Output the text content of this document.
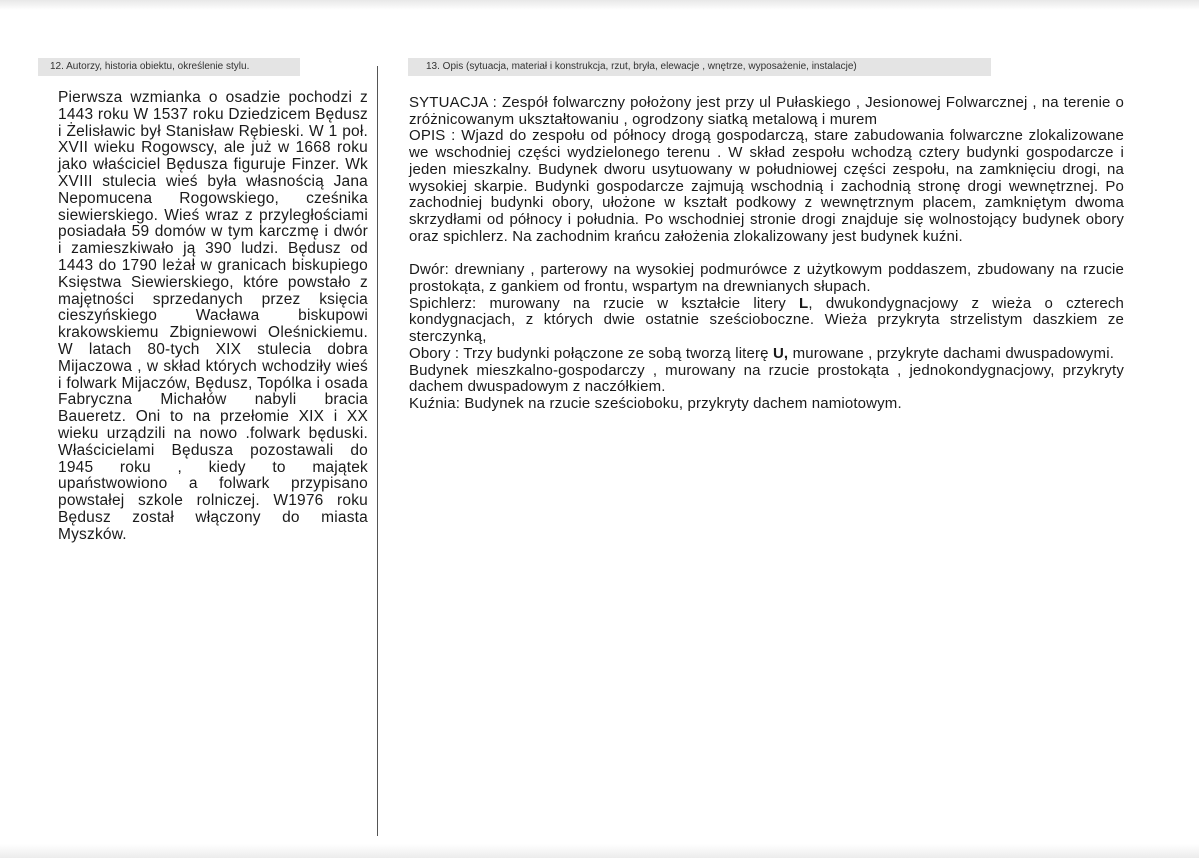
12. Autorzy, historia obiektu, określenie stylu.	13. Opis (sytuacja, materiał i konstrukcja, rzut, bryła, elewacje , wnętrze, wyposażenie, instalacje)

Pierwsza wzmianka o osadzie pochodzi z 1443 roku W 1537 roku Dziedzicem Będusz i Żelisławic był Stanisław Rębieski. W 1 poł. XVII wieku Rogowscy, ale już w 1668 roku jako właściciel Będusza figuruje Finzer. Wk XVIII stulecia wieś była własnością Jana Nepomucena Rogowskiego, cześnika siewierskiego. Wieś wraz z przyległościami posiadała 59 domów w tym karczmę i dwór i zamieszkiwało ją 390 ludzi. Będusz od 1443 do 1790 leżał w granicach biskupiego Księstwa Siewierskiego, które powstało z majętności sprzedanych przez księcia cieszyńskiego Wacława biskupowi krakowskiemu Zbigniewowi Oleśnickiemu. W latach 80-tych XIX stulecia dobra Mijaczowa , w skład których wchodziły wieś i folwark Mijaczów, Będusz, Topólka i osada Fabryczna Michałów nabyli bracia Baueretz. Oni to na przełomie XIX i XX wieku urządzili na nowo .folwark będuski. Właścicielami Będusza pozostawali do 1945 roku , kiedy to majątek upaństwowiono a folwark przypisano powstałej szkole rolniczej. W1976 roku Będusz został włączony do miasta Myszków.

SYTUACJA : Zespół folwarczny położony jest przy ul Pułaskiego , Jesionowej Folwarcznej , na terenie o zróżnicowanym ukształtowaniu , ogrodzony siatką metalową i murem

OPIS : Wjazd do zespołu od północy drogą gospodarczą, stare zabudowania folwarczne zlokalizowane we wschodniej części wydzielonego terenu . W skład zespołu wchodzą cztery budynki gospodarcze i jeden mieszkalny. Budynek dworu usytuowany w południowej części zespołu, na zamknięciu drogi, na wysokiej skarpie. Budynki gospodarcze zajmują wschodnią i zachodnią stronę drogi wewnętrznej. Po zachodniej budynki obory, ułożone w kształt podkowy z wewnętrznym placem, zamkniętym dwoma skrzydłami od północy i południa. Po wschodniej stronie drogi znajduje się wolnostojący budynek obory oraz spichlerz. Na zachodnim krańcu założenia zlokalizowany jest budynek kuźni.

Dwór: drewniany , parterowy na wysokiej podmurówce z użytkowym poddaszem, zbudowany na rzucie prostokąta, z gankiem od frontu, wspartym na drewnianych słupach.

Spichlerz: murowany na rzucie w kształcie litery L, dwukondygnacjowy z wieża o czterech kondygnacjach, z których dwie ostatnie sześcioboczne. Wieża przykryta strzelistym daszkiem ze sterczynką,

Obory : Trzy budynki połączone ze sobą tworzą literę U, murowane , przykryte dachami dwuspadowymi.

Budynek mieszkalno-gospodarczy , murowany na rzucie prostokąta , jednokondygnacjowy, przykryty dachem dwuspadowym z naczółkiem.

Kuźnia: Budynek na rzucie sześcioboku, przykryty dachem namiotowym.
